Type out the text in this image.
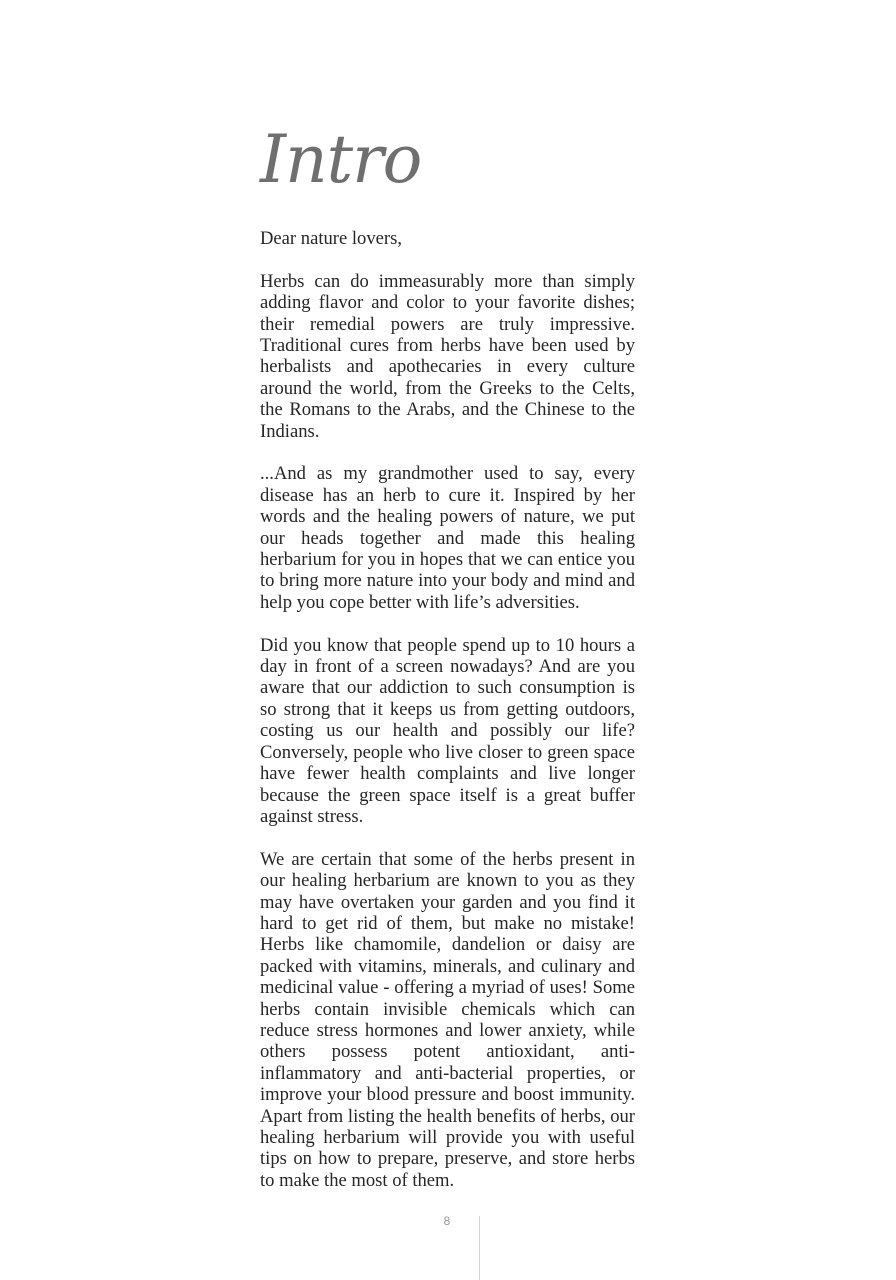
Intro

Dear nature lovers,

Herbs can do immeasurably more than simply adding flavor and color to your favorite dishes; their remedial powers are truly impressive. Traditional cures from herbs have been used by herbalists and apothecaries in every culture around the world, from the Greeks to the Celts, the Romans to the Arabs, and the Chinese to the Indians.

...And as my grandmother used to say, every disease has an herb to cure it. Inspired by her words and the healing powers of nature, we put our heads together and made this healing herbarium for you in hopes that we can entice you to bring more nature into your body and mind and help you cope better with life’s adversities.

Did you know that people spend up to 10 hours a day in front of a screen nowadays? And are you aware that our addiction to such consumption is so strong that it keeps us from getting outdoors, costing us our health and possibly our life? Conversely, people who live closer to green space have fewer health complaints and live longer because the green space itself is a great buffer against stress.

We are certain that some of the herbs present in our healing herbarium are known to you as they may have overtaken your garden and you find it hard to get rid of them, but make no mistake! Herbs like chamomile, dandelion or daisy are packed with vitamins, minerals, and culinary and medicinal value - offering a myriad of uses! Some herbs contain invisible chemicals which can reduce stress hormones and lower anxiety, while others possess potent antioxidant, anti-inflammatory and anti-bacterial properties, or improve your blood pressure and boost immunity. Apart from listing the health benefits of herbs, our healing herbarium will provide you with useful tips on how to prepare, preserve, and store herbs to make the most of them.

8
